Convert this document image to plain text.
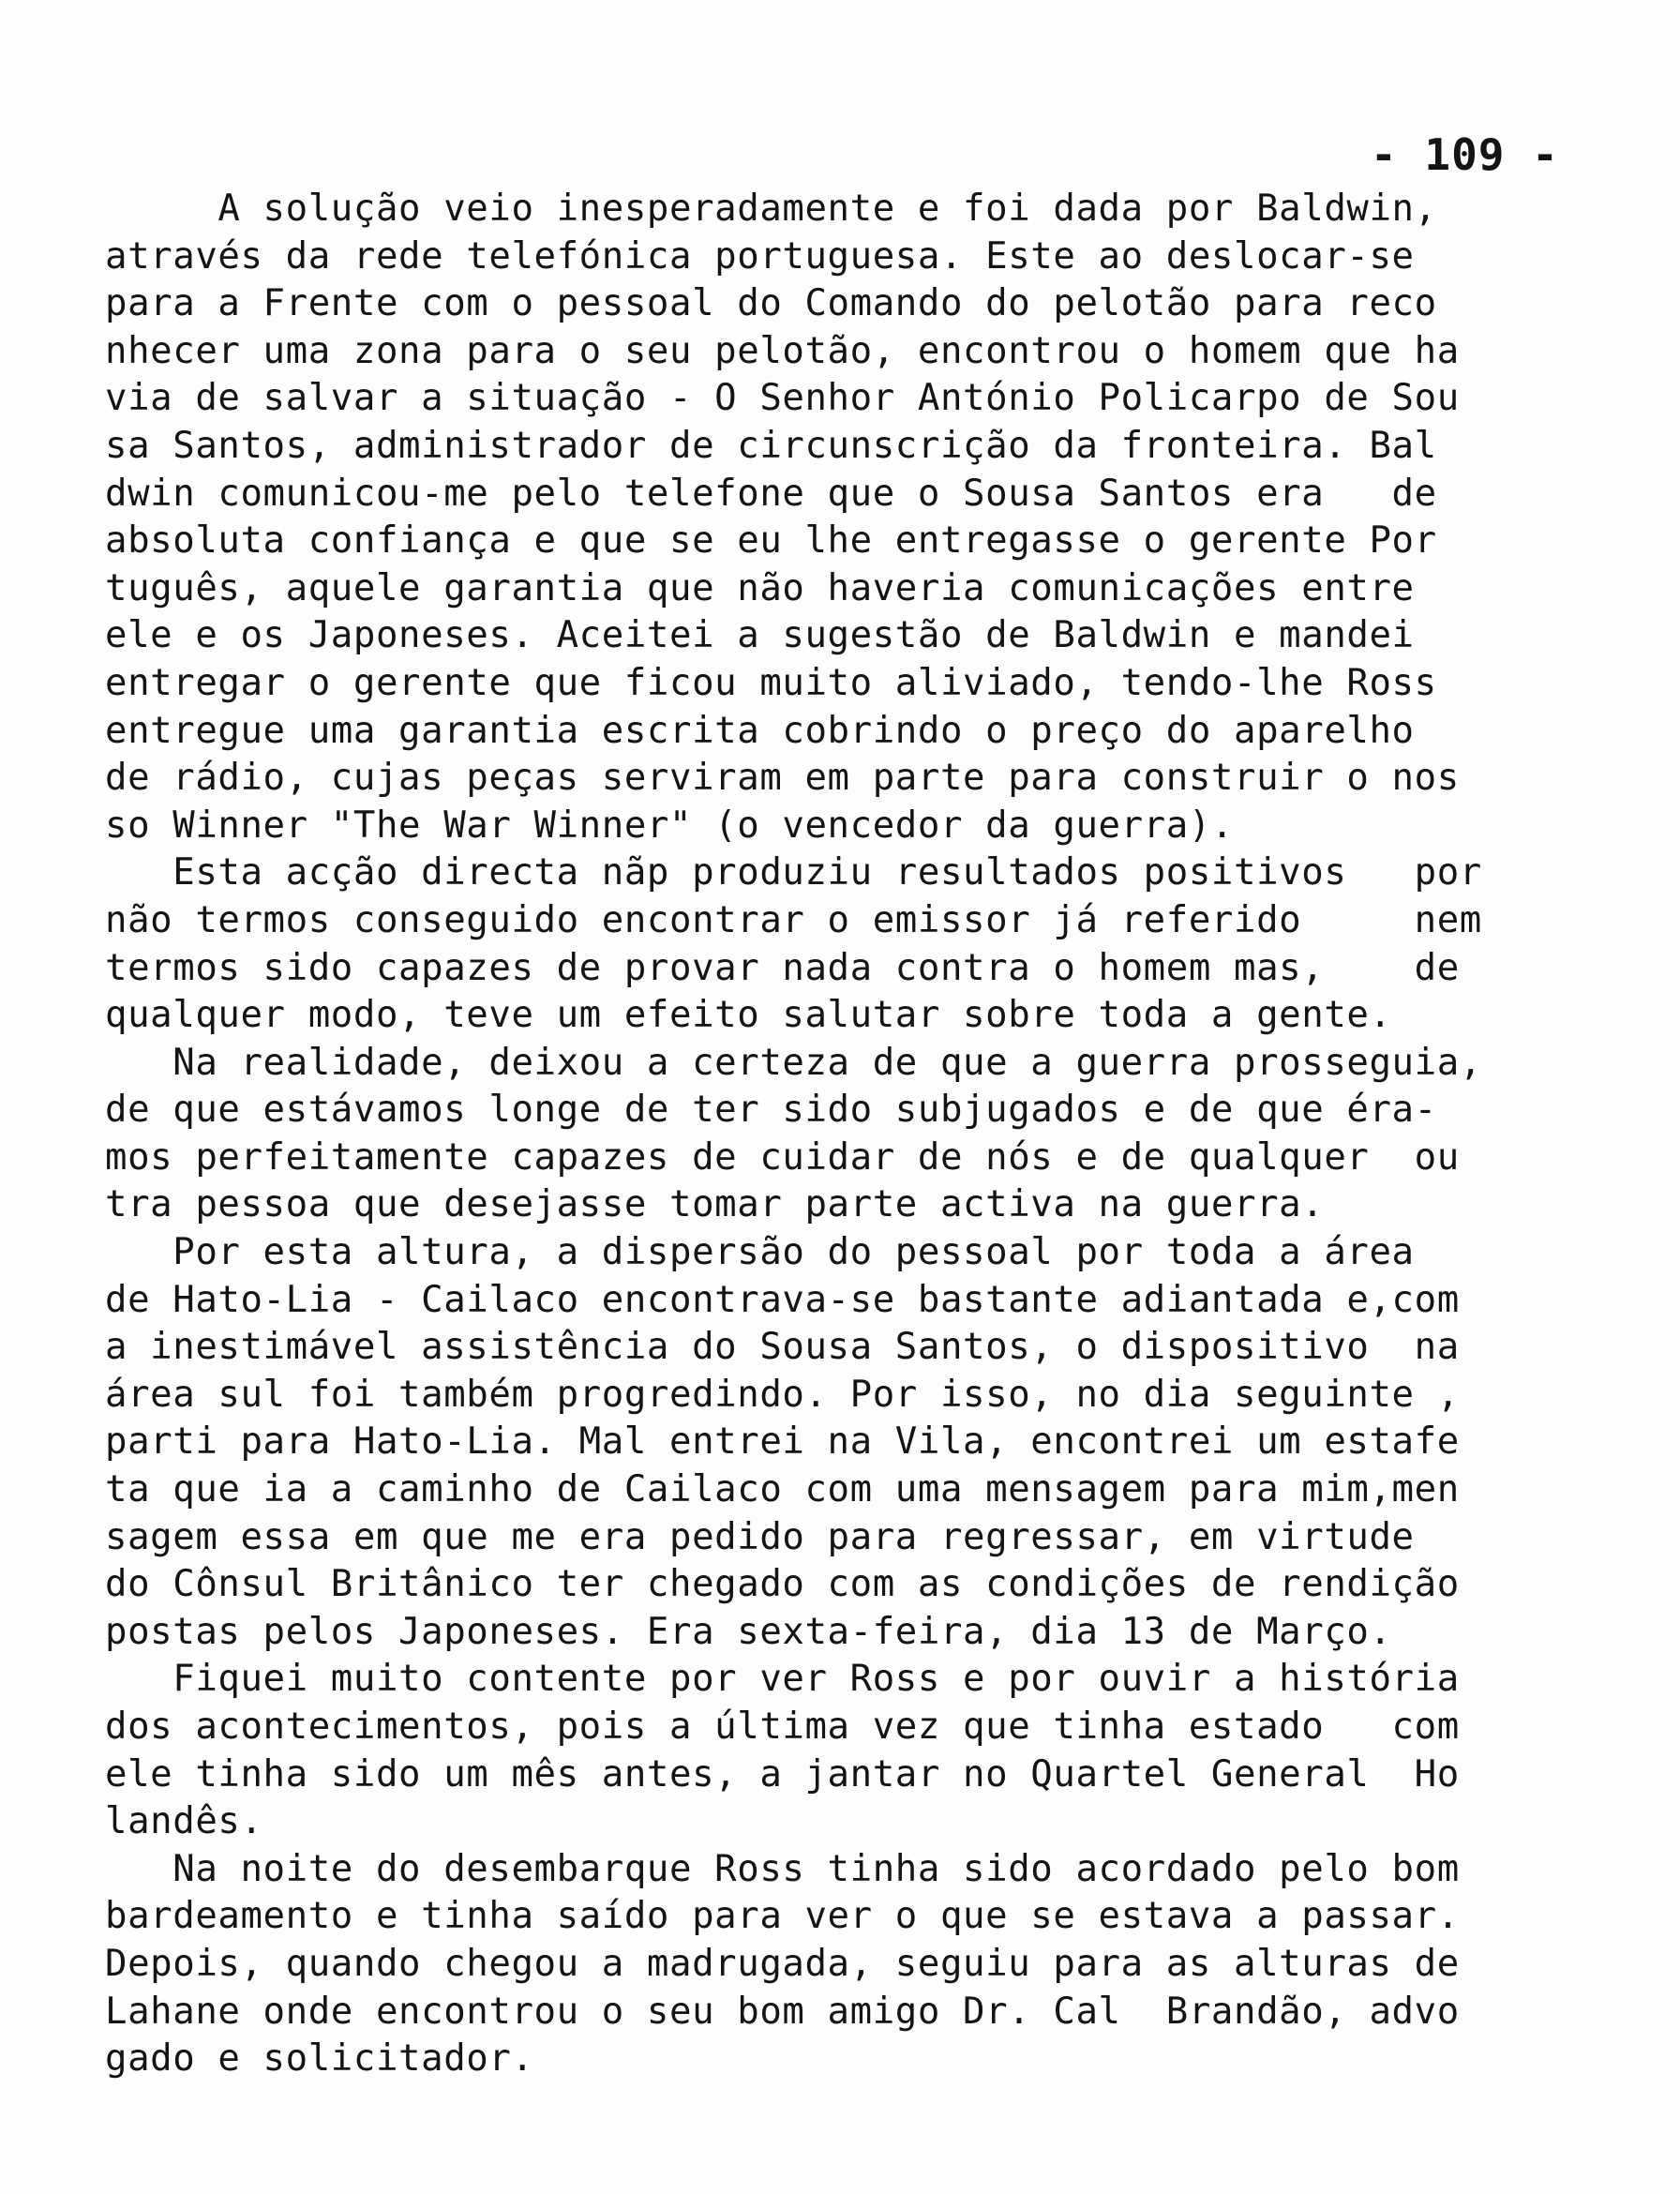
- 109 -
A solução veio inesperadamente e foi dada por Baldwin,
através da rede telefónica portuguesa. Este ao deslocar-se
para a Frente com o pessoal do Comando do pelotão para reco
nhecer uma zona para o seu pelotão, encontrou o homem que ha
via de salvar a situação - O Senhor António Policarpo de Sou
sa Santos, administrador de circunscrição da fronteira. Bal
dwin comunicou-me pelo telefone que o Sousa Santos era   de
absoluta confiança e que se eu lhe entregasse o gerente Por
tuguês, aquele garantia que não haveria comunicações entre
ele e os Japoneses. Aceitei a sugestão de Baldwin e mandei
entregar o gerente que ficou muito aliviado, tendo-lhe Ross
entregue uma garantia escrita cobrindo o preço do aparelho
de rádio, cujas peças serviram em parte para construir o nos
so Winner "The War Winner" (o vencedor da guerra).
Esta acção directa nãp produziu resultados positivos   por
não termos conseguido encontrar o emissor já referido     nem
termos sido capazes de provar nada contra o homem mas,    de
qualquer modo, teve um efeito salutar sobre toda a gente.
Na realidade, deixou a certeza de que a guerra prosseguia,
de que estávamos longe de ter sido subjugados e de que éra-
mos perfeitamente capazes de cuidar de nós e de qualquer  ou
tra pessoa que desejasse tomar parte activa na guerra.
Por esta altura, a dispersão do pessoal por toda a área
de Hato-Lia - Cailaco encontrava-se bastante adiantada e,com
a inestimável assistência do Sousa Santos, o dispositivo  na
área sul foi também progredindo. Por isso, no dia seguinte ,
parti para Hato-Lia. Mal entrei na Vila, encontrei um estafe
ta que ia a caminho de Cailaco com uma mensagem para mim,men
sagem essa em que me era pedido para regressar, em virtude
do Cônsul Britânico ter chegado com as condições de rendição
postas pelos Japoneses. Era sexta-feira, dia 13 de Março.
Fiquei muito contente por ver Ross e por ouvir a história
dos acontecimentos, pois a última vez que tinha estado   com
ele tinha sido um mês antes, a jantar no Quartel General  Ho
landês.
Na noite do desembarque Ross tinha sido acordado pelo bom
bardeamento e tinha saído para ver o que se estava a passar.
Depois, quando chegou a madrugada, seguiu para as alturas de
Lahane onde encontrou o seu bom amigo Dr. Cal  Brandão, advo
gado e solicitador.
